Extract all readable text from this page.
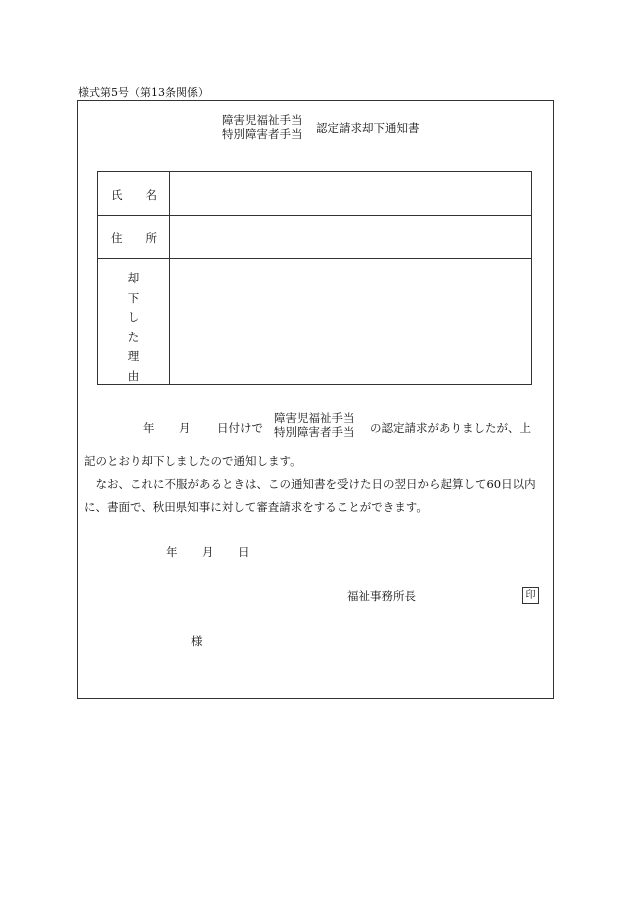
様式第5号（第13条関係）
障害児福祉手当
特別障害者手当 認定請求却下通知書
氏　　名
住　　所
却
下
し
た
理
由
年 月 日付けで
障害児福祉手当
特別障害者手当 の認定請求がありましたが、上
記のとおり却下しましたので通知します。
　なお、これに不服があるときは、この通知書を受けた日の翌日から起算して60日以内
に、書面で、秋田県知事に対して審査請求をすることができます。
年 月 日
福祉事務所長	印
様
